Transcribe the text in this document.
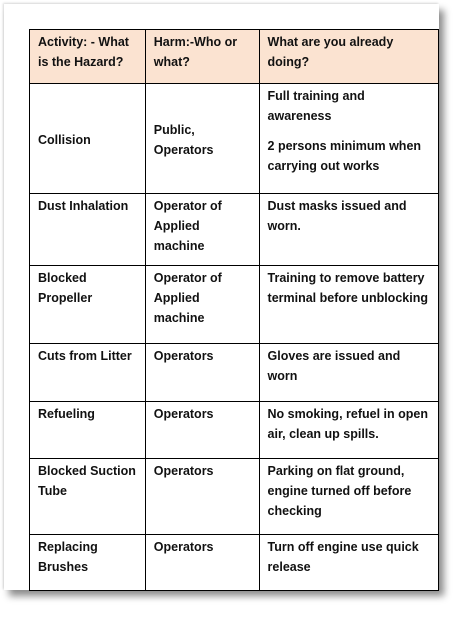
Activity: - What is the Hazard?	Harm:-Who or what?	What are you already doing?
Collision	Public, Operators	Full training and awareness
2 persons minimum when carrying out works

Dust Inhalation	Operator of Applied machine	Dust masks issued and worn.

Blocked Propeller	Operator of Applied machine	Training to remove battery terminal before unblocking

Cuts from Litter	Operators	Gloves are issued and worn

Refueling	Operators	No smoking, refuel in open air, clean up spills.

Blocked Suction Tube	Operators	Parking on flat ground, engine turned off before checking

Replacing Brushes	Operators	Turn off engine use quick release
